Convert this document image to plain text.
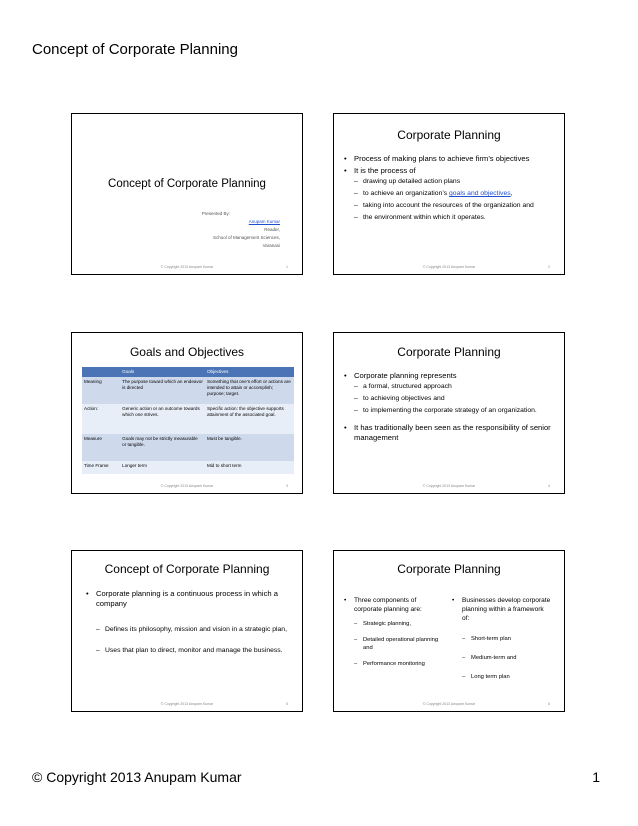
Concept of Corporate Planning
Concept of Corporate Planning
Presented By:
Anupam Kumar
Reader,
School of Management Sciences,
Varanasi
© Copyright 2013 Anupam Kumar	1
Corporate Planning
• Process of making plans to achieve firm’s objectives
• It is the process of
– drawing up detailed action plans
– to achieve an organization’s goals and objectives,
– taking into account the resources of the organization and
– the environment within which it operates.
© Copyright 2013 Anupam Kumar	2
Goals and Objectives
	Goals	Objectives
Meaning	The purpose toward which an endeavor is directed	Something that one’s effort or actions are intended to attain or accomplish; purpose; target.
Action:	Generic action or an outcome towards which one strives.	Specific action: the objective supports attainment of the associated goal.
Measure	Goals may not be strictly measurable or tangible.	Must be tangible.
Time Frame	Longer term	Mid to short term
© Copyright 2013 Anupam Kumar	3
Corporate Planning
• Corporate planning represents
– a formal, structured approach
– to achieving objectives and
– to implementing the corporate strategy of an organization.
• It has traditionally been seen as the responsibility of senior management
© Copyright 2013 Anupam Kumar	4
Concept of Corporate Planning
• Corporate planning is a continuous process in which a company
– Defines its philosophy, mission and vision in a strategic plan,
– Uses that plan to direct, monitor and manage the business.
© Copyright 2013 Anupam Kumar	5
Corporate Planning
• Three components of corporate planning are:
– Strategic planning,
– Detailed operational planning and
– Performance monitoring
• Businesses develop corporate planning within a framework of:
– Short-term plan
– Medium-term and
– Long term plan
© Copyright 2013 Anupam Kumar	6
© Copyright 2013 Anupam Kumar	1
